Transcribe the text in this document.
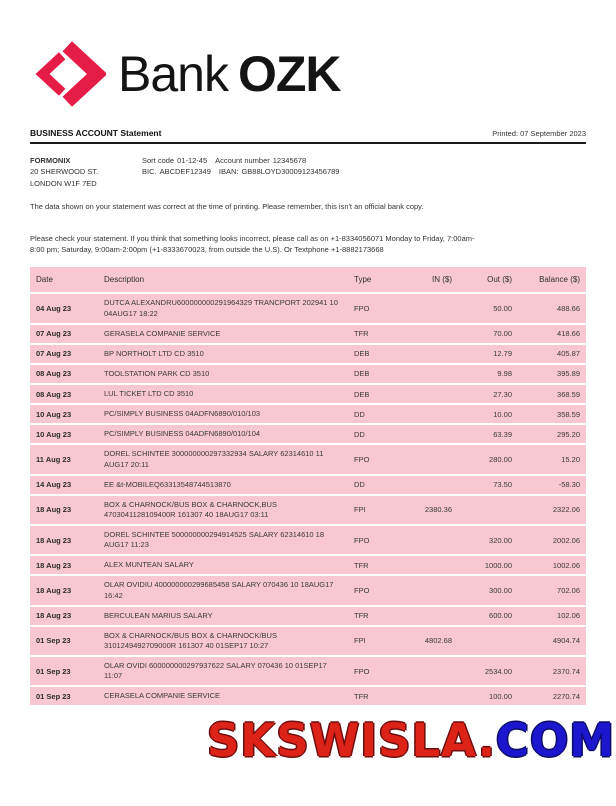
Bank OZK
BUSINESS ACCOUNT Statement	Printed: 07 September 2023
FORMONIX
20 SHERWOOD ST.
LONDON W1F 7ED
Sort code 01-12-45 Account number 12345678
BIC. ABCDEF12349 IBAN: GB88LOYD30009123456789

The data shown on your statement was correct at the time of printing. Please remember, this isn't an official bank copy.

Please check your statement. If you think that something looks incorrect, please call as on +1-8334056071 Monday to Friday, 7:00am-8:00 pm; Saturday, 9:00am-2:00pm (+1-8333670023, from outside the U.S). Or Textphone +1-8882173668

Date	Description	Type	IN ($)	Out ($)	Balance ($)
04 Aug 23	DUTCA ALEXANDRU600000000291964329 TRANCPORT 202941 10 04AUG17 18:22	FPO		50.00	488.66
07 Aug 23	GERASELA COMPANIE SERVICE	TFR		70.00	418.66
07 Aug 23	BP NORTHOLT LTD CD 3510	DEB		12.79	405.87
08 Aug 23	TOOLSTATION PARK CD 3510	DEB		9.98	395.89
08 Aug 23	LUL TICKET LTD CD 3510	DEB		27.30	368.59
10 Aug 23	PC/SIMPLY BUSINESS 04ADFN6890/010/103	DD		10.00	358.59
10 Aug 23	PC/SIMPLY BUSINESS 04ADFN6890/010/104	DD		63.39	295.20
11 Aug 23	DOREL SCHINTEE 300000000297332934 SALARY 62314610 11 AUG17 20:11	FPO		280.00	15.20
14 Aug 23	EE &t-MOBILEQ63313548744513870	DD		73.50	-58.30
18 Aug 23	BOX & CHARNOCK/BUS BOX & CHARNOCK,BUS 4703041128109400R 161307 40 18AUG17 03:11	FPI	2380.36		2322.06
18 Aug 23	DOREL SCHINTEE 500000000294914525 SALARY 62314610 18 AUG17 11:23	FPO		320.00	2002.06
18 Aug 23	ALEX MUNTEAN SALARY	TFR		1000.00	1002.06
18 Aug 23	OLAR OVIDIU 400000000299685458 SALARY 070436 10 18AUG17 16:42	FPO		300.00	702.06
18 Aug 23	BERCULEAN MARIUS SALARY	TFR		600.00	102.06
01 Sep 23	BOX & CHARNOCK/BUS BOX & CHARNOCK/BUS 3101249492709000R 161307 40 01SEP17 10:27	FPI	4802.68		4904.74
01 Sep 23	OLAR OVIDI 600000000297937622 SALARY 070436 10 01SEP17 11:07	FPO		2534.00	2370.74
01 Sep 23	CERASELA COMPANIE SERVICE	TFR		100.00	2270.74
SKSWISLA.COM
